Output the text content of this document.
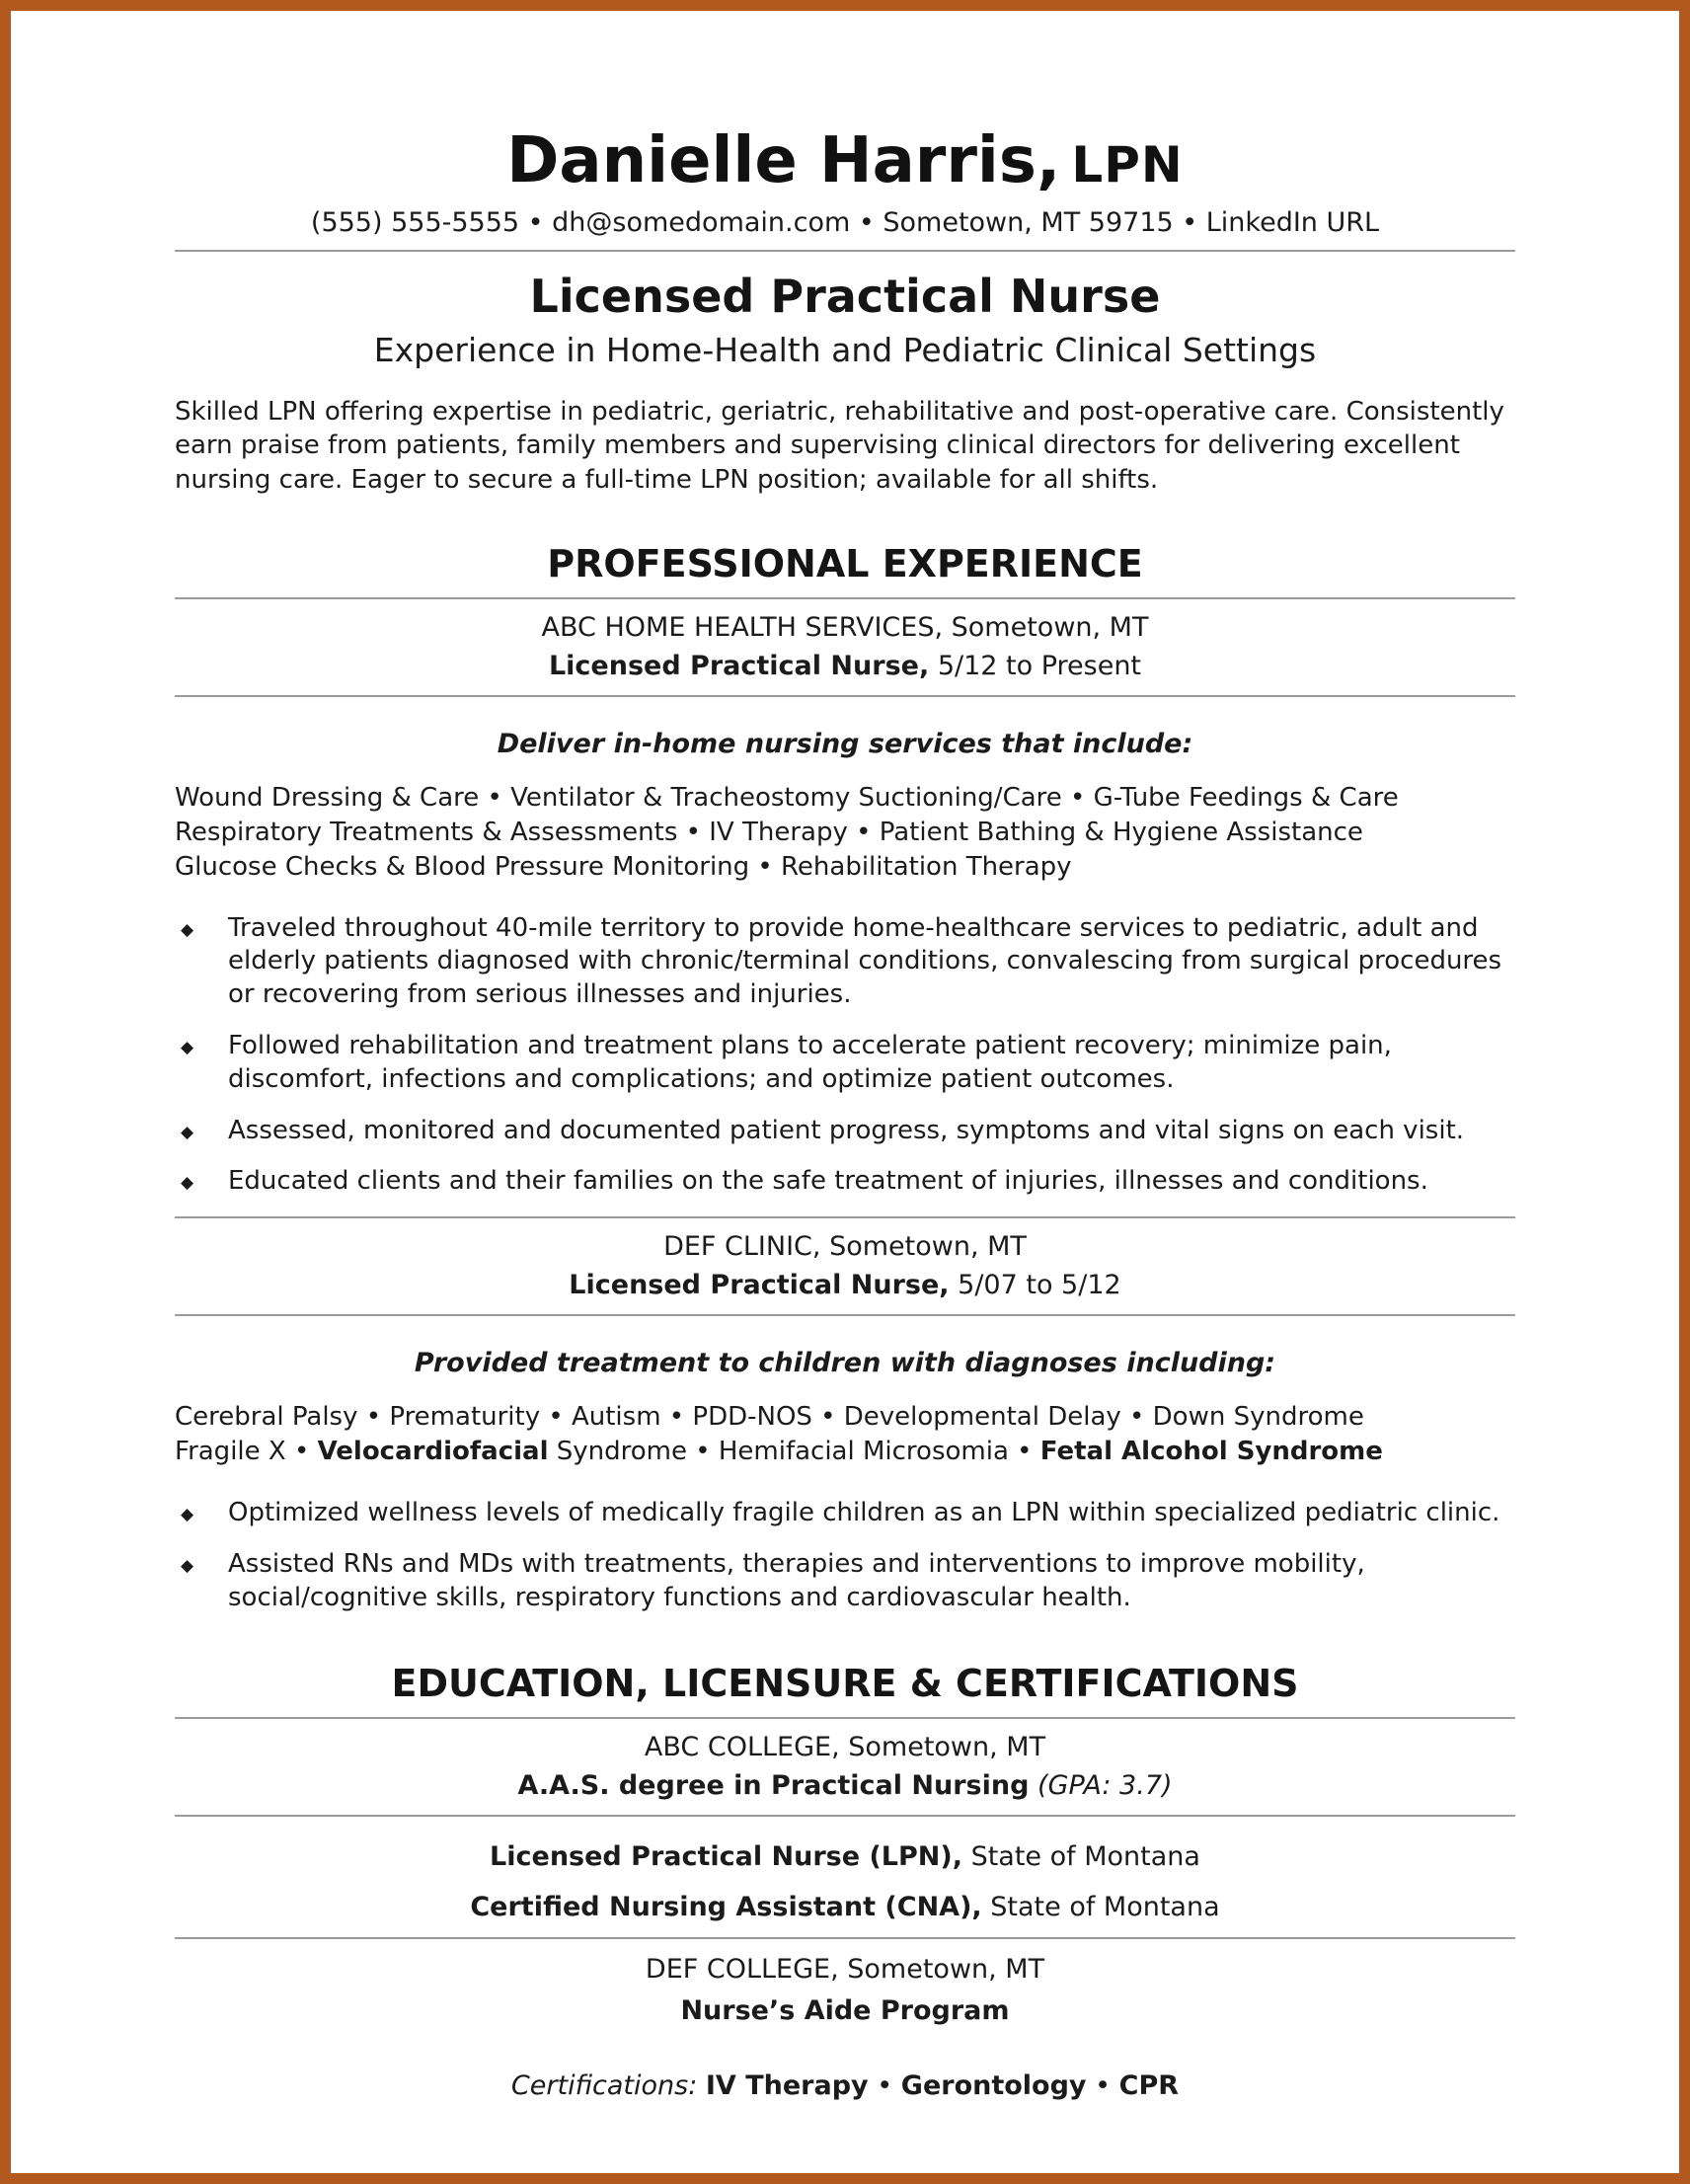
Danielle Harris, LPN
(555) 555-5555 • dh@somedomain.com • Sometown, MT 59715 • LinkedIn URL
Licensed Practical Nurse
Experience in Home-Health and Pediatric Clinical Settings

Skilled LPN offering expertise in pediatric, geriatric, rehabilitative and post-operative care. Consistently earn praise from patients, family members and supervising clinical directors for delivering excellent nursing care. Eager to secure a full-time LPN position; available for all shifts.

PROFESSIONAL EXPERIENCE
ABC HOME HEALTH SERVICES, Sometown, MT
Licensed Practical Nurse, 5/12 to Present
Deliver in-home nursing services that include:
Wound Dressing & Care • Ventilator & Tracheostomy Suctioning/Care • G-Tube Feedings & Care
Respiratory Treatments & Assessments • IV Therapy • Patient Bathing & Hygiene Assistance
Glucose Checks & Blood Pressure Monitoring • Rehabilitation Therapy
◆ Traveled throughout 40-mile territory to provide home-healthcare services to pediatric, adult and elderly patients diagnosed with chronic/terminal conditions, convalescing from surgical procedures or recovering from serious illnesses and injuries.
◆ Followed rehabilitation and treatment plans to accelerate patient recovery; minimize pain, discomfort, infections and complications; and optimize patient outcomes.
◆ Assessed, monitored and documented patient progress, symptoms and vital signs on each visit.
◆ Educated clients and their families on the safe treatment of injuries, illnesses and conditions.
DEF CLINIC, Sometown, MT
Licensed Practical Nurse, 5/07 to 5/12
Provided treatment to children with diagnoses including:
Cerebral Palsy • Prematurity • Autism • PDD-NOS • Developmental Delay • Down Syndrome
Fragile X • Velocardiofacial Syndrome • Hemifacial Microsomia • Fetal Alcohol Syndrome
◆ Optimized wellness levels of medically fragile children as an LPN within specialized pediatric clinic.
◆ Assisted RNs and MDs with treatments, therapies and interventions to improve mobility, social/cognitive skills, respiratory functions and cardiovascular health.
EDUCATION, LICENSURE & CERTIFICATIONS
ABC COLLEGE, Sometown, MT
A.A.S. degree in Practical Nursing (GPA: 3.7)
Licensed Practical Nurse (LPN), State of Montana
Certified Nursing Assistant (CNA), State of Montana
DEF COLLEGE, Sometown, MT
Nurse’s Aide Program
Certifications: IV Therapy • Gerontology • CPR
